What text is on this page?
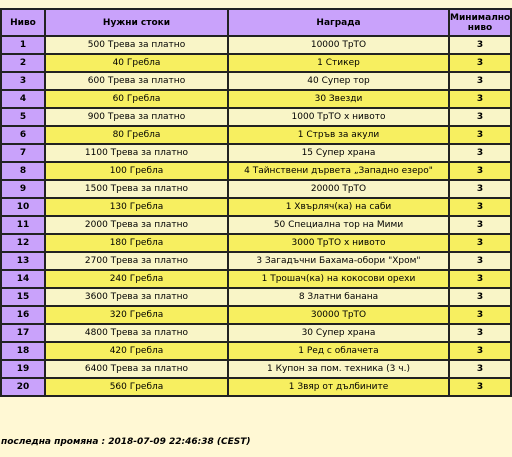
Ниво	Нужни стоки	Награда	Минимално ниво
1	500 Трева за платно	10000 ТрТО	3
2	40 Гребла	1 Стикер	3
3	600 Трева за платно	40 Супер тор	3
4	60 Гребла	30 Звезди	3
5	900 Трева за платно	1000 ТрТО x нивото	3
6	80 Гребла	1 Стръв за акули	3
7	1100 Трева за платно	15 Супер храна	3
8	100 Гребла	4 Тайнствени дървета „Западно езеро"	3
9	1500 Трева за платно	20000 ТрТО	3
10	130 Гребла	1 Хвърляч(ка) на саби	3
11	2000 Трева за платно	50 Специална тор на Мими	3
12	180 Гребла	3000 ТрТО x нивото	3
13	2700 Трева за платно	3 Загадъчни Бахама-обори "Хром"	3
14	240 Гребла	1 Трошач(ка) на кокосови орехи	3
15	3600 Трева за платно	8 Златни банана	3
16	320 Гребла	30000 ТрТО	3
17	4800 Трева за платно	30 Супер храна	3
18	420 Гребла	1 Ред с облачета	3
19	6400 Трева за платно	1 Купон за пом. техника (3 ч.)	3
20	560 Гребла	1 Звяр от дълбините	3
последна промяна : 2018-07-09 22:46:38 (CEST)
